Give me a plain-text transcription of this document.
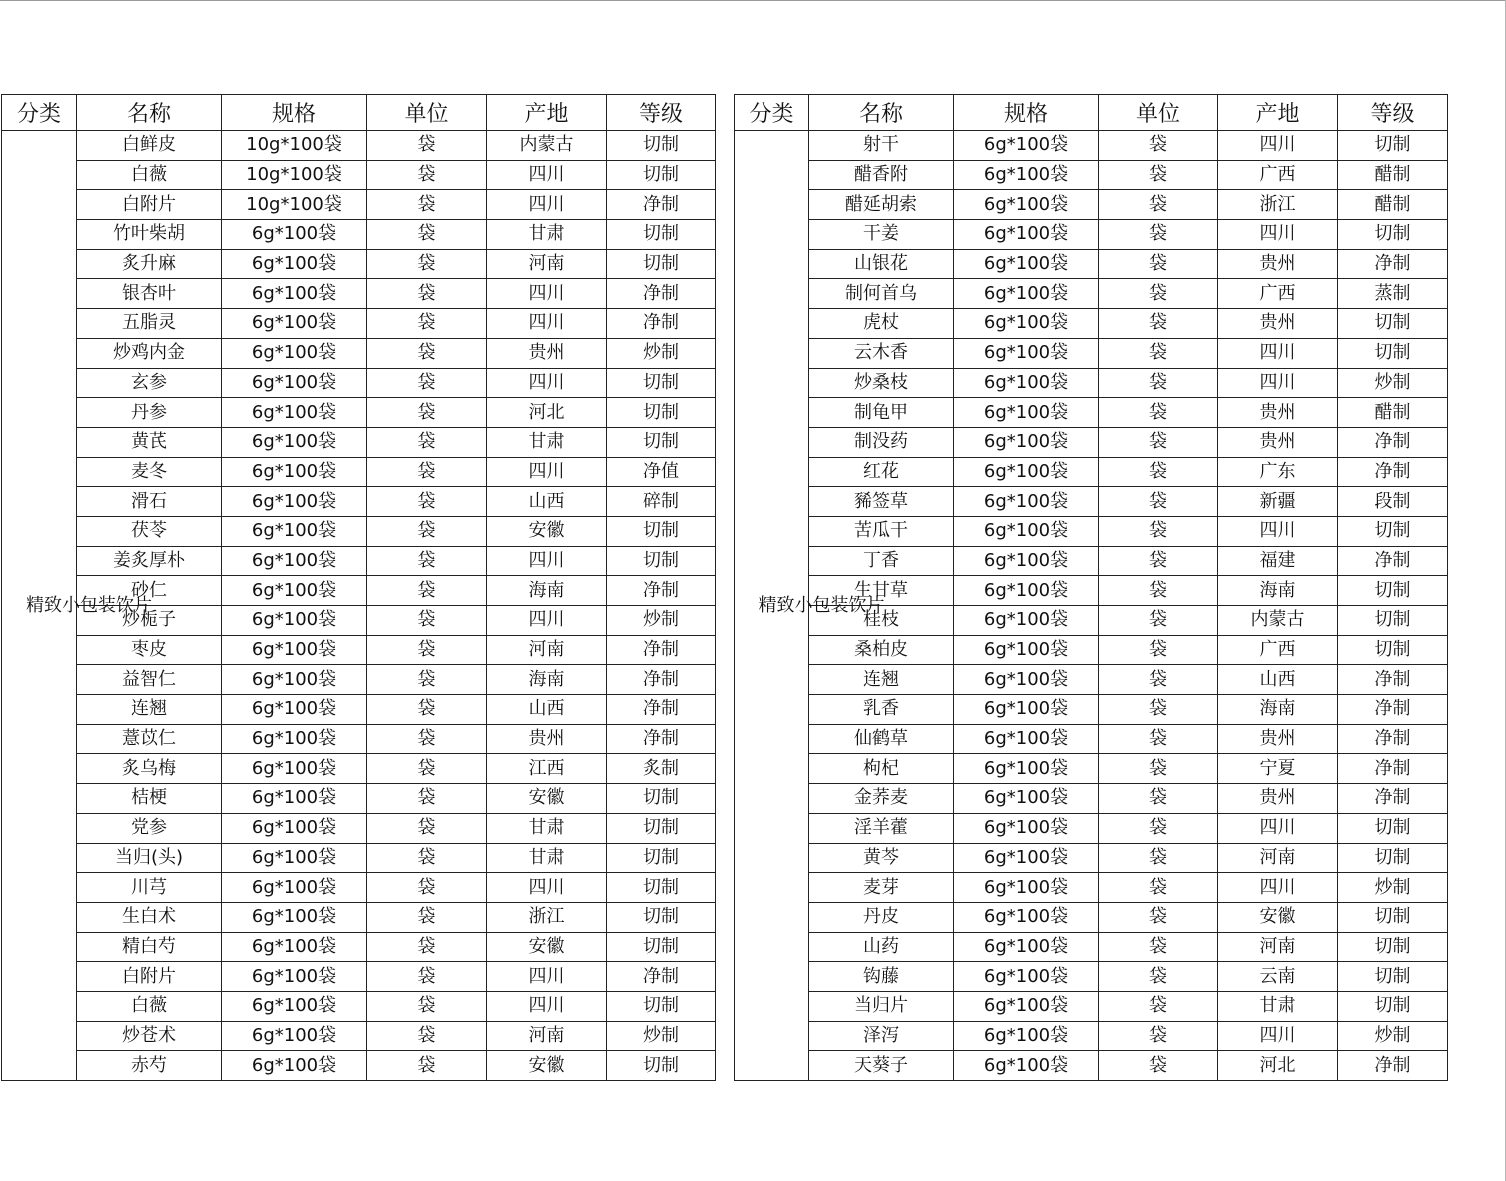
分类	名称	规格	单位	产地	等级
精致小包装饮片	白鲜皮	10g*100袋	袋	内蒙古	切制
	白薇	10g*100袋	袋	四川	切制
	白附片	10g*100袋	袋	四川	净制
	竹叶柴胡	6g*100袋	袋	甘肃	切制
	炙升麻	6g*100袋	袋	河南	切制
	银杏叶	6g*100袋	袋	四川	净制
	五脂灵	6g*100袋	袋	四川	净制
	炒鸡内金	6g*100袋	袋	贵州	炒制
	玄参	6g*100袋	袋	四川	切制
	丹参	6g*100袋	袋	河北	切制
	黄芪	6g*100袋	袋	甘肃	切制
	麦冬	6g*100袋	袋	四川	净值
	滑石	6g*100袋	袋	山西	碎制
	茯苓	6g*100袋	袋	安徽	切制
	姜炙厚朴	6g*100袋	袋	四川	切制
	砂仁	6g*100袋	袋	海南	净制
	炒栀子	6g*100袋	袋	四川	炒制
	枣皮	6g*100袋	袋	河南	净制
	益智仁	6g*100袋	袋	海南	净制
	连翘	6g*100袋	袋	山西	净制
	薏苡仁	6g*100袋	袋	贵州	净制
	炙乌梅	6g*100袋	袋	江西	炙制
	桔梗	6g*100袋	袋	安徽	切制
	党参	6g*100袋	袋	甘肃	切制
	当归(头)	6g*100袋	袋	甘肃	切制
	川芎	6g*100袋	袋	四川	切制
	生白术	6g*100袋	袋	浙江	切制
	精白芍	6g*100袋	袋	安徽	切制
	白附片	6g*100袋	袋	四川	净制
	白薇	6g*100袋	袋	四川	切制
	炒苍术	6g*100袋	袋	河南	炒制
	赤芍	6g*100袋	袋	安徽	切制
分类	名称	规格	单位	产地	等级
精致小包装饮片	射干	6g*100袋	袋	四川	切制
	醋香附	6g*100袋	袋	广西	醋制
	醋延胡索	6g*100袋	袋	浙江	醋制
	干姜	6g*100袋	袋	四川	切制
	山银花	6g*100袋	袋	贵州	净制
	制何首乌	6g*100袋	袋	广西	蒸制
	虎杖	6g*100袋	袋	贵州	切制
	云木香	6g*100袋	袋	四川	切制
	炒桑枝	6g*100袋	袋	四川	炒制
	制龟甲	6g*100袋	袋	贵州	醋制
	制没药	6g*100袋	袋	贵州	净制
	红花	6g*100袋	袋	广东	净制
	豨签草	6g*100袋	袋	新疆	段制
	苦瓜干	6g*100袋	袋	四川	切制
	丁香	6g*100袋	袋	福建	净制
	生甘草	6g*100袋	袋	海南	切制
	桂枝	6g*100袋	袋	内蒙古	切制
	桑柏皮	6g*100袋	袋	广西	切制
	连翘	6g*100袋	袋	山西	净制
	乳香	6g*100袋	袋	海南	净制
	仙鹤草	6g*100袋	袋	贵州	净制
	枸杞	6g*100袋	袋	宁夏	净制
	金荞麦	6g*100袋	袋	贵州	净制
	淫羊藿	6g*100袋	袋	四川	切制
	黄芩	6g*100袋	袋	河南	切制
	麦芽	6g*100袋	袋	四川	炒制
	丹皮	6g*100袋	袋	安徽	切制
	山药	6g*100袋	袋	河南	切制
	钩藤	6g*100袋	袋	云南	切制
	当归片	6g*100袋	袋	甘肃	切制
	泽泻	6g*100袋	袋	四川	炒制
	天葵子	6g*100袋	袋	河北	净制
